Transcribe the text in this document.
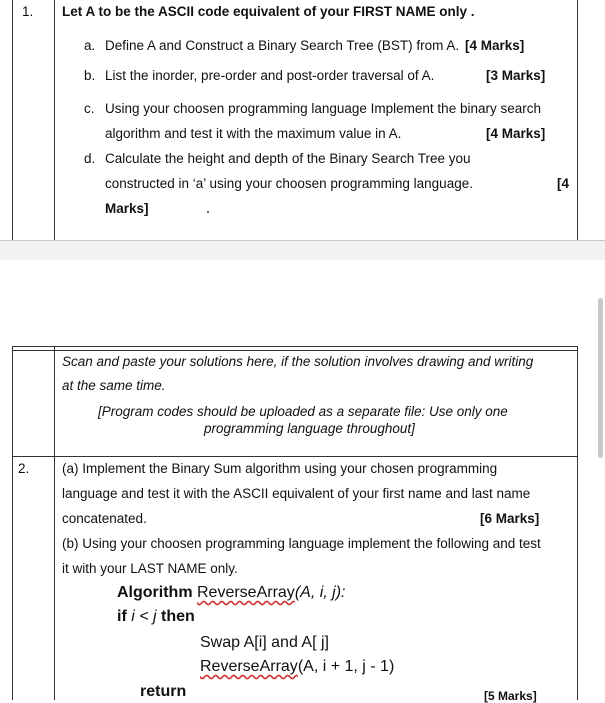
1. Let A to be the ASCII code equivalent of your FIRST NAME only .
a. Define A and Construct a Binary Search Tree (BST) from A. [4 Marks]
b. List the inorder, pre-order and post-order traversal of A.	[3 Marks]
c. Using your choosen programming language Implement the binary search
algorithm and test it with the maximum value in A.	[4 Marks]
d. Calculate the height and depth of the Binary Search Tree you
constructed in ‘a’ using your choosen programming language.	[4
Marks]
Scan and paste your solutions here, if the solution involves drawing and writing
at the same time.
[Program codes should be uploaded as a separate file: Use only one
programming language throughout]
2. (a) Implement the Binary Sum algorithm using your chosen programming
language and test it with the ASCII equivalent of your first name and last name
concatenated.	[6 Marks]
(b) Using your choosen programming language implement the following and test
it with your LAST NAME only.
Algorithm ReverseArray(A, i, j):
if i < j then
Swap A[i] and A[ j]
ReverseArray(A, i + 1, j - 1)
return	[5 Marks]
